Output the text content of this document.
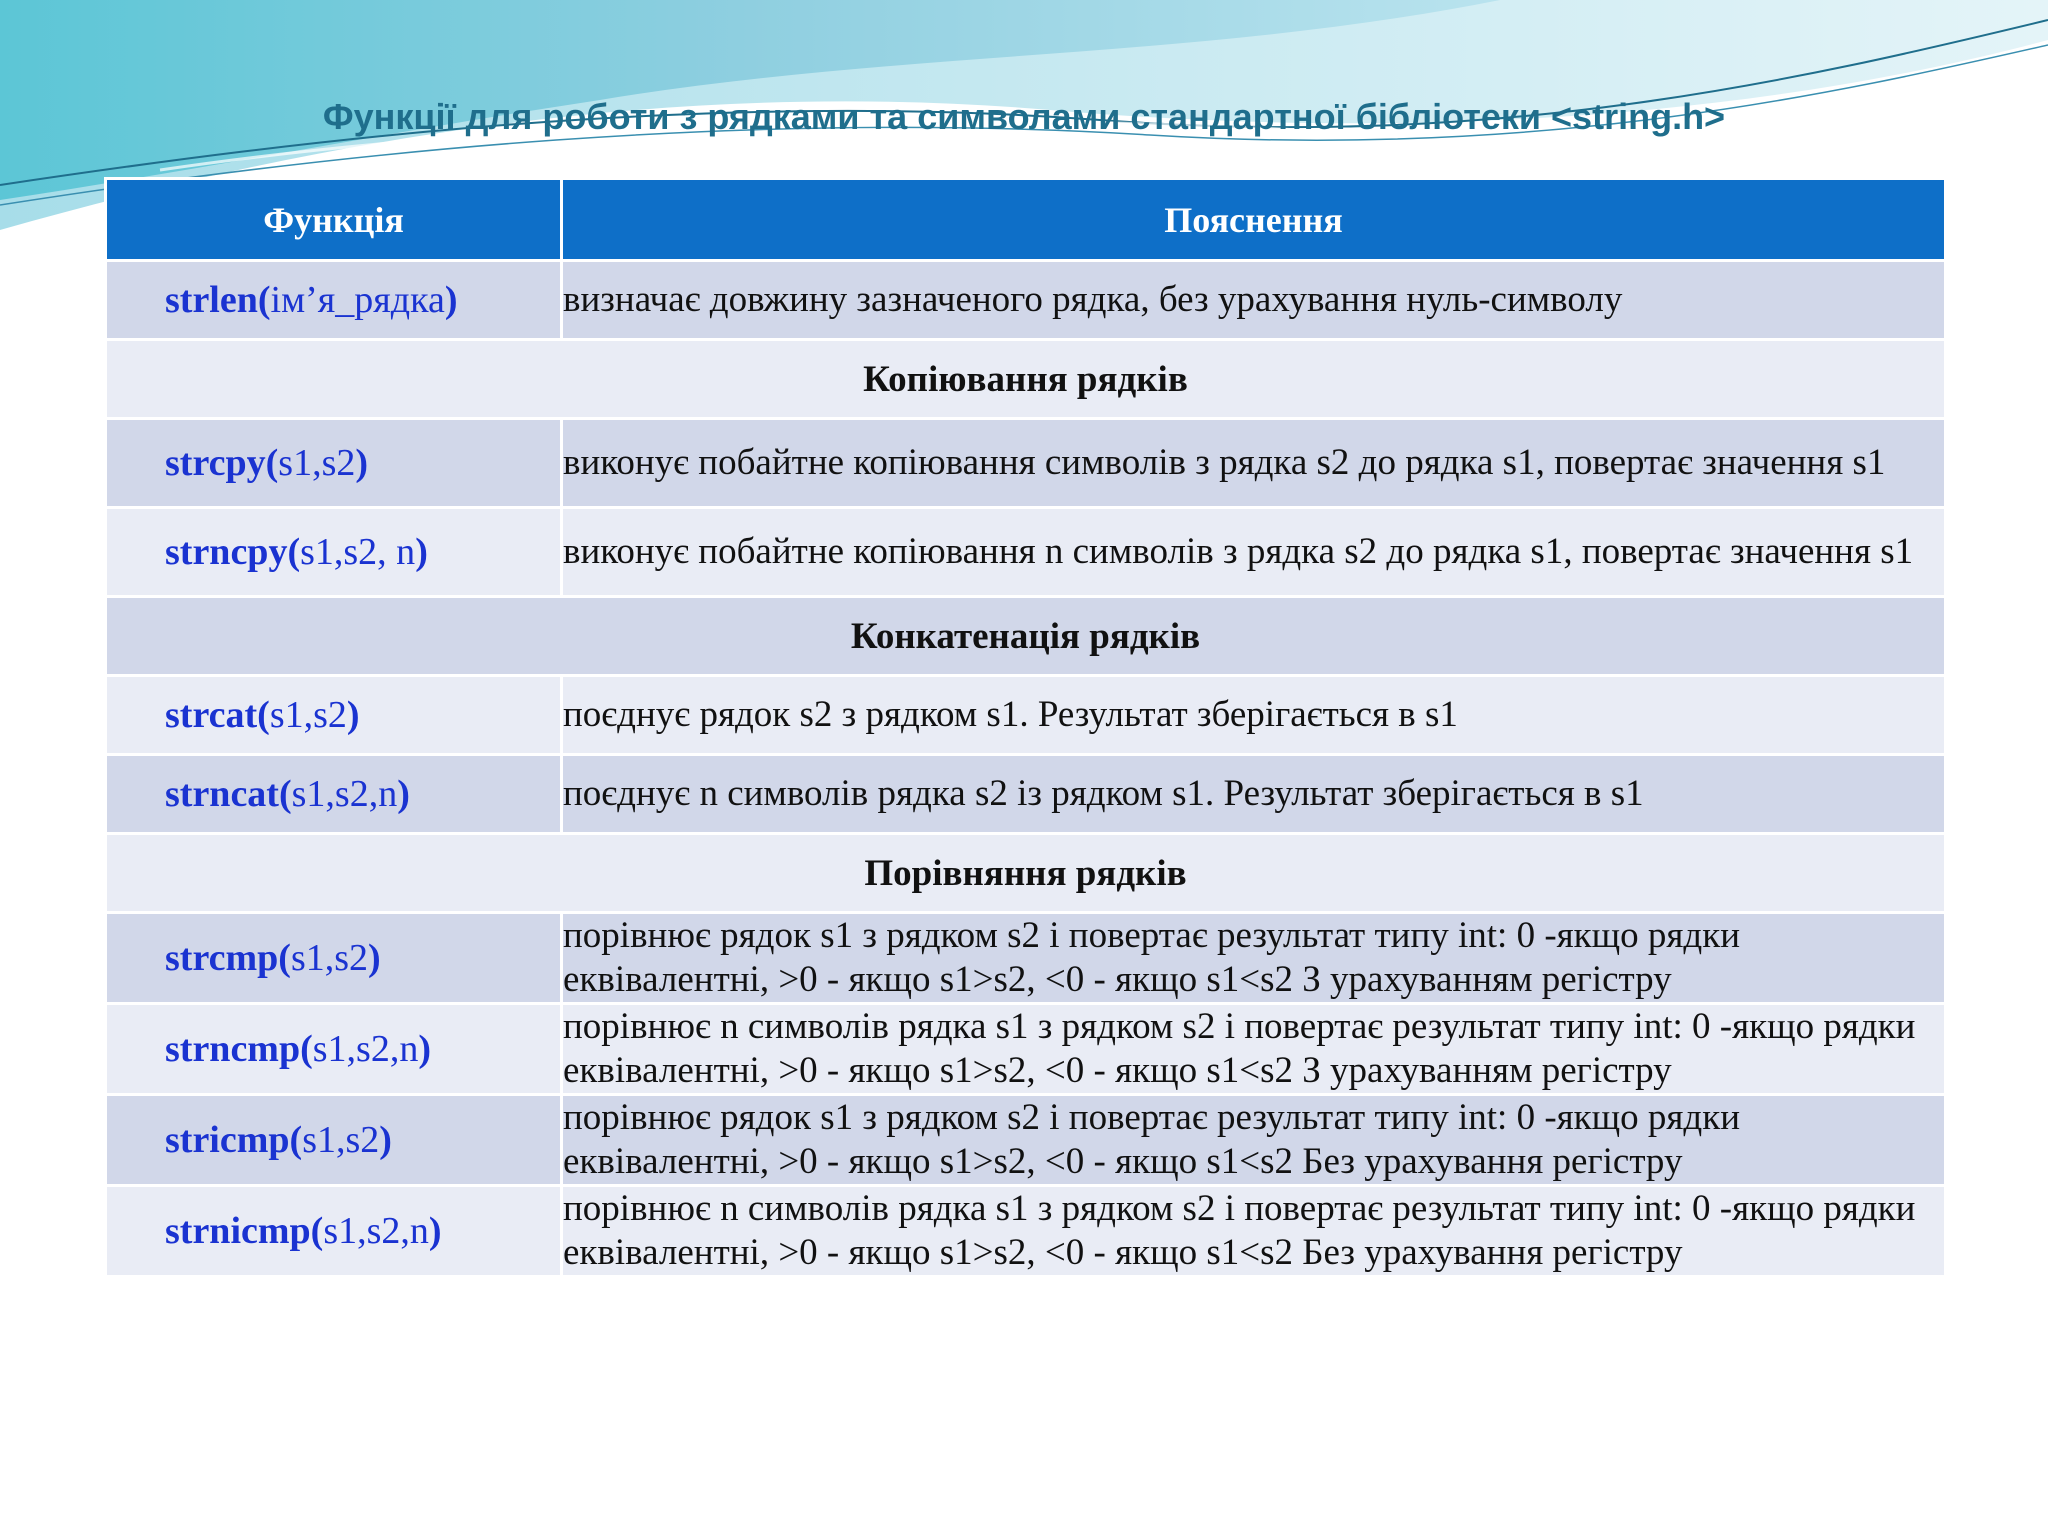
Функції для роботи з рядками та символами стандартної бібліотеки <string.h>
Функція	Пояснення
strlen(ім’я_рядка)	визначає довжину зазначеного рядка, без урахування нуль-символу
Копіювання рядків	
strcpy(s1,s2)	виконує побайтне копіювання символів з рядка s2 до рядка s1, повертає значення s1
strncpy(s1,s2, n)	виконує побайтне копіювання n символів з рядка s2 до рядка s1, повертає значення s1
Конкатенація рядків	
strcat(s1,s2)	поєднує рядок s2 з рядком s1. Результат зберігається в s1
strncat(s1,s2,n)	поєднує n символів рядка s2 із рядком s1. Результат зберігається в s1
Порівняння рядків	
strcmp(s1,s2)	порівнює рядок s1 з рядком s2 і повертає результат типу int: 0 -якщо рядки еквівалентні, >0 - якщо s1>s2, <0 - якщо s1<s2 З урахуванням регістру
strncmp(s1,s2,n)	порівнює n символів рядка s1 з рядком s2 і повертає результат типу int: 0 -якщо рядки еквівалентні, >0 - якщо s1>s2, <0 - якщо s1<s2 З урахуванням регістру
stricmp(s1,s2)	порівнює рядок s1 з рядком s2 і повертає результат типу int: 0 -якщо рядки еквівалентні, >0 - якщо s1>s2, <0 - якщо s1<s2 Без урахування регістру
strnicmp(s1,s2,n)	порівнює n символів рядка s1 з рядком s2 і повертає результат типу int: 0 -якщо рядки еквівалентні, >0 - якщо s1>s2, <0 - якщо s1<s2 Без урахування регістру
